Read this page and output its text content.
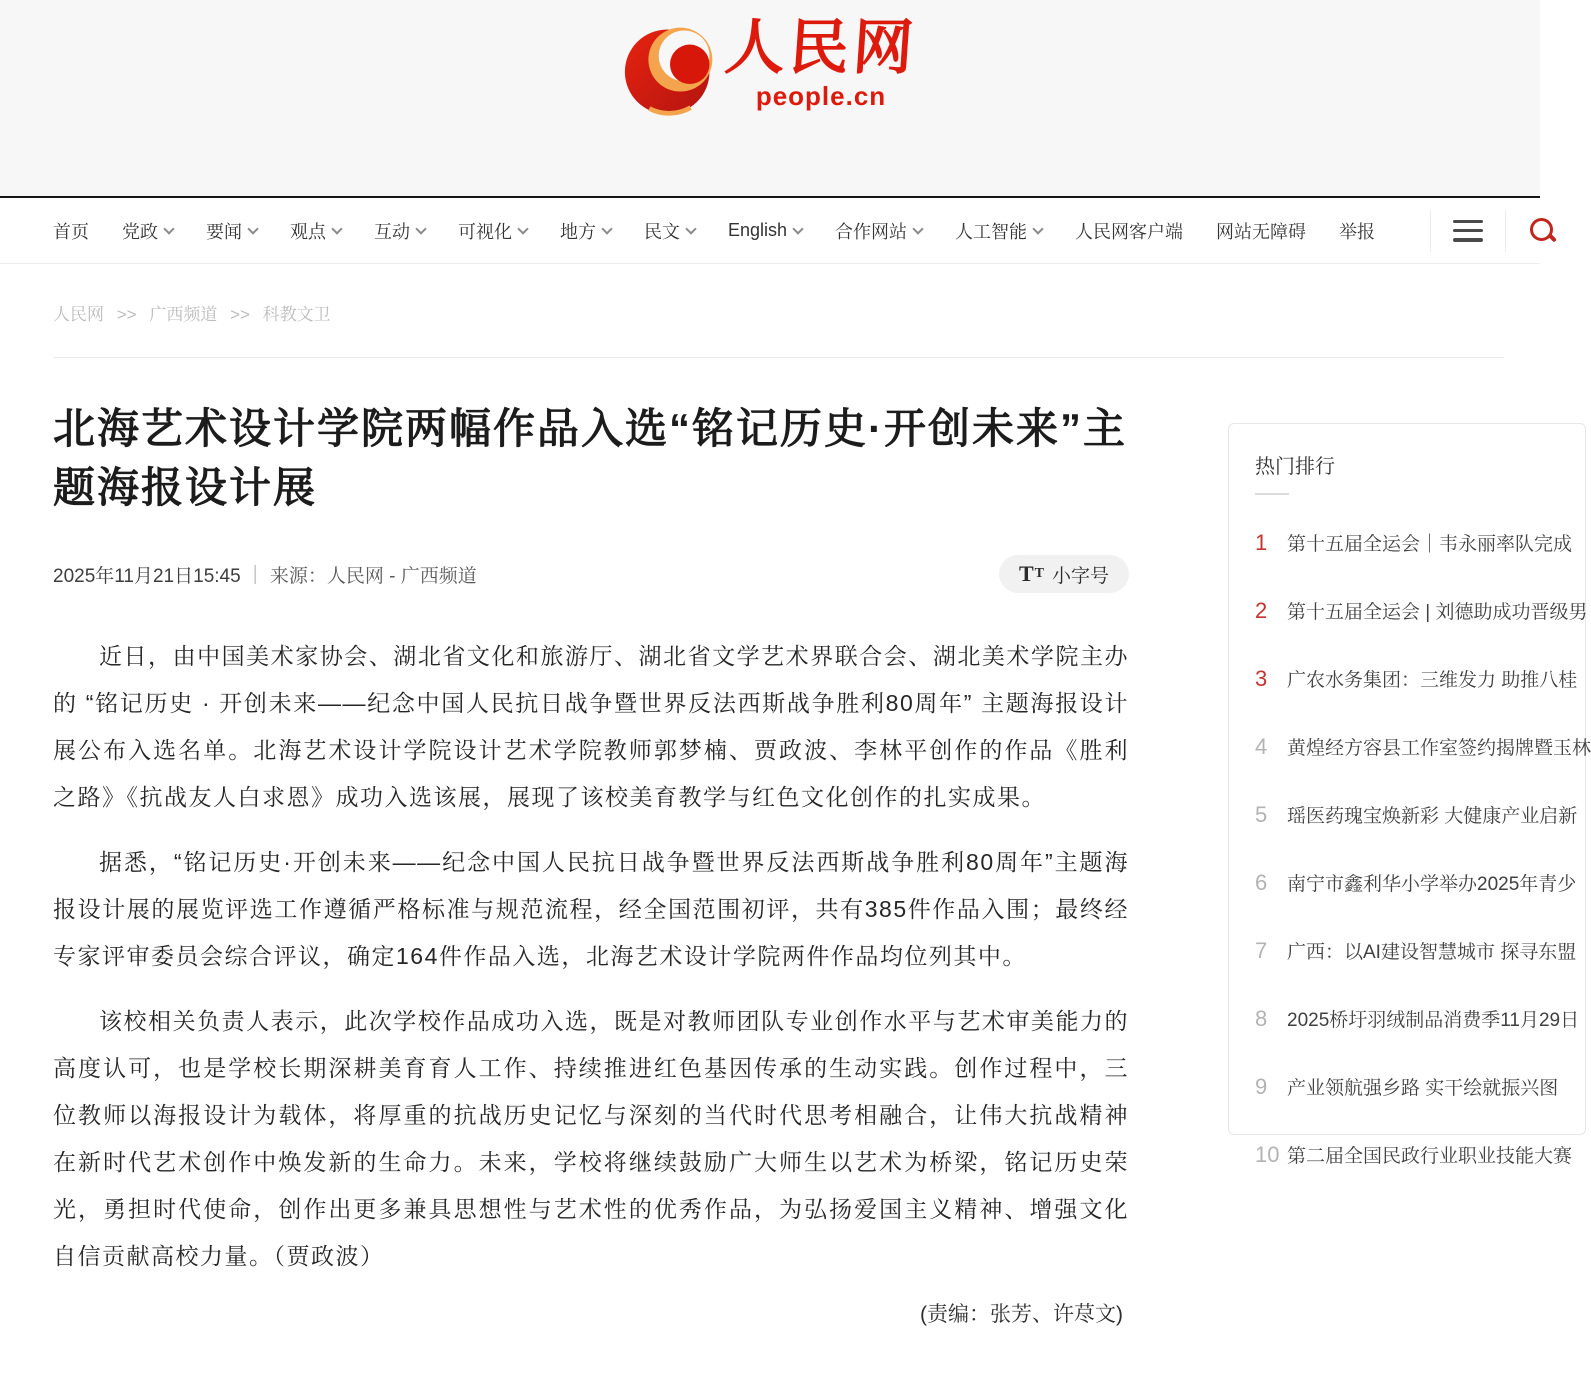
人民网
people.cn
首页 党政	要闻	观点	互动	可视化	地方	民文	English	合作网站	人工智能	人民网客户端 网站无障碍 举报
人民网 >> 广西频道 >> 科教文卫
北海艺术设计学院两幅作品入选“铭记历史·开创未来”主题海报设计展
2025年11月21日15:45 | 来源：人民网 - 广西频道	T T 小字号

近日，由中国美术家协会、湖北省文化和旅游厅、湖北省文学艺术界联合会、湖北美术学院主办的 “铭记历史 · 开创未来——纪念中国人民抗日战争暨世界反法西斯战争胜利80周年” 主题海报设计展公布入选名单。北海艺术设计学院设计艺术学院教师郭梦楠、贾政波、李林平创作的作品《胜利之路》《抗战友人白求恩》成功入选该展，展现了该校美育教学与红色文化创作的扎实成果。

据悉，“铭记历史·开创未来——纪念中国人民抗日战争暨世界反法西斯战争胜利80周年”主题海报设计展的展览评选工作遵循严格标准与规范流程，经全国范围初评，共有385件作品入围；最终经专家评审委员会综合评议，确定164件作品入选，北海艺术设计学院两件作品均位列其中。

该校相关负责人表示，此次学校作品成功入选，既是对教师团队专业创作水平与艺术审美能力的高度认可，也是学校长期深耕美育育人工作、持续推进红色基因传承的生动实践。创作过程中，三位教师以海报设计为载体，将厚重的抗战历史记忆与深刻的当代时代思考相融合，让伟大抗战精神在新时代艺术创作中焕发新的生命力。未来，学校将继续鼓励广大师生以艺术为桥梁，铭记历史荣光，勇担时代使命，创作出更多兼具思想性与艺术性的优秀作品，为弘扬爱国主义精神、增强文化自信贡献高校力量。（贾政波）

(责编：张芳、许荩文)
热门排行
1	第十五届全运会｜韦永丽率队完成
2	第十五届全运会 | 刘德助成功晋级男
3	广农水务集团：三维发力 助推八桂
4	黄煌经方容县工作室签约揭牌暨玉林
5	瑶医药瑰宝焕新彩 大健康产业启新
6	南宁市鑫利华小学举办2025年青少
7	广西：以AI建设智慧城市 探寻东盟
8	2025桥圩羽绒制品消费季11月29日
9	产业领航强乡路 实干绘就振兴图
10 第二届全国民政行业职业技能大赛
